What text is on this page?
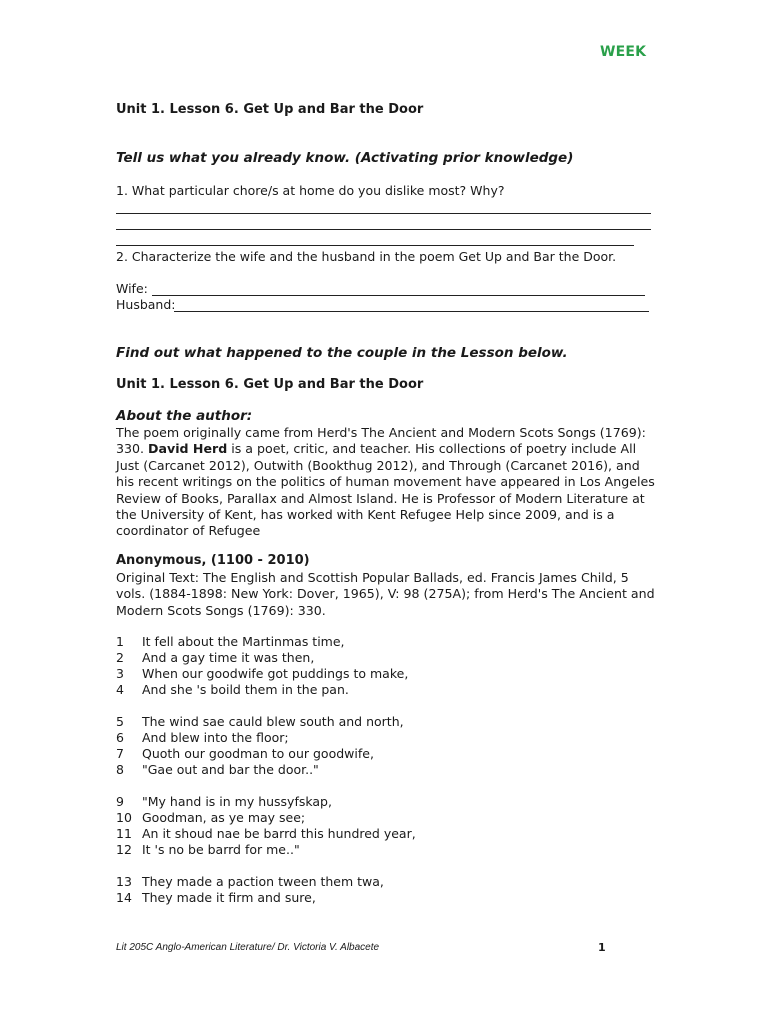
WEEK
Unit 1. Lesson 6. Get Up and Bar the Door
Tell us what you already know. (Activating prior knowledge)
1. What particular chore/s at home do you dislike most? Why?
2. Characterize the wife and the husband in the poem Get Up and Bar the Door.
Wife:
Husband:
Find out what happened to the couple in the Lesson below.
Unit 1. Lesson 6. Get Up and Bar the Door
About the author:
The poem originally came from Herd's The Ancient and Modern Scots Songs (1769): 330. David Herd is a poet, critic, and teacher. His collections of poetry include All Just (Carcanet 2012), Outwith (Bookthug 2012), and Through (Carcanet 2016), and his recent writings on the politics of human movement have appeared in Los Angeles Review of Books, Parallax and Almost Island. He is Professor of Modern Literature at the University of Kent, has worked with Kent Refugee Help since 2009, and is a coordinator of Refugee
Anonymous, (1100 - 2010)
Original Text: The English and Scottish Popular Ballads, ed. Francis James Child, 5 vols. (1884-1898: New York: Dover, 1965), V: 98 (275A); from Herd's The Ancient and Modern Scots Songs (1769): 330.
1	It fell about the Martinmas time,
2	And a gay time it was then,
3	When our goodwife got puddings to make,
4	And she 's boild them in the pan.
5	The wind sae cauld blew south and north,
6	And blew into the floor;
7	Quoth our goodman to our goodwife,
8	"Gae out and bar the door.."
9	"My hand is in my hussyfskap,
10 Goodman, as ye may see;
11 An it shoud nae be barrd this hundred year,
12 It 's no be barrd for me.."
13 They made a paction tween them twa,
14 They made it firm and sure,
Lit 205C Anglo-American Literature/ Dr. Victoria V. Albacete	1
